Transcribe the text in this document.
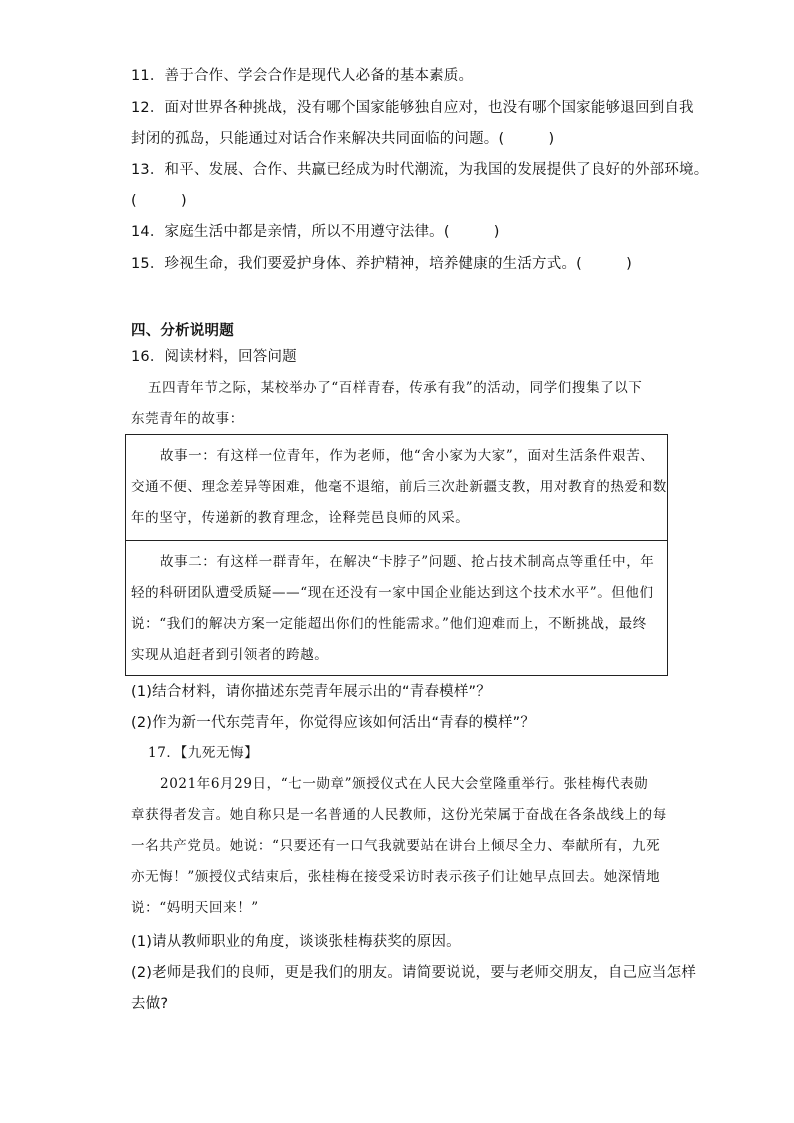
11．善于合作、学会合作是现代人必备的基本素质。
12．面对世界各种挑战，没有哪个国家能够独自应对，也没有哪个国家能够退回到自我
封闭的孤岛，只能通过对话合作来解决共同面临的问题。(　　　)
13．和平、发展、合作、共赢已经成为时代潮流，为我国的发展提供了良好的外部环境。
(　　　)
14．家庭生活中都是亲情，所以不用遵守法律。(　　　)
15．珍视生命，我们要爱护身体、养护精神，培养健康的生活方式。(　　　)
四、分析说明题
16．阅读材料，回答问题
五四青年节之际，某校举办了“百样青春，传承有我”的活动，同学们搜集了以下
东莞青年的故事：
故事一：有这样一位青年，作为老师，他“舍小家为大家”，面对生活条件艰苦、
交通不便、理念差异等困难，他毫不退缩，前后三次赴新疆支教，用对教育的热爱和数
年的坚守，传递新的教育理念，诠释莞邑良师的风采。
故事二：有这样一群青年，在解决“卡脖子”问题、抢占技术制高点等重任中，年
轻的科研团队遭受质疑——“现在还没有一家中国企业能达到这个技术水平”。但他们
说：“我们的解决方案一定能超出你们的性能需求。”他们迎难而上，不断挑战，最终
实现从追赶者到引领者的跨越。
(1)结合材料，请你描述东莞青年展示出的“青春模样”？
(2)作为新一代东莞青年，你觉得应该如何活出“青春的模样”？
17．【九死无悔】
2021年6月29日，“七一勋章”颁授仪式在人民大会堂隆重举行。张桂梅代表勋
章获得者发言。她自称只是一名普通的人民教师，这份光荣属于奋战在各条战线上的每
一名共产党员。她说：“只要还有一口气我就要站在讲台上倾尽全力、奉献所有，九死
亦无悔！”颁授仪式结束后，张桂梅在接受采访时表示孩子们让她早点回去。她深情地
说：“妈明天回来！”
(1)请从教师职业的角度，谈谈张桂梅获奖的原因。
(2)老师是我们的良师，更是我们的朋友。请简要说说，要与老师交朋友，自己应当怎样
去做?
